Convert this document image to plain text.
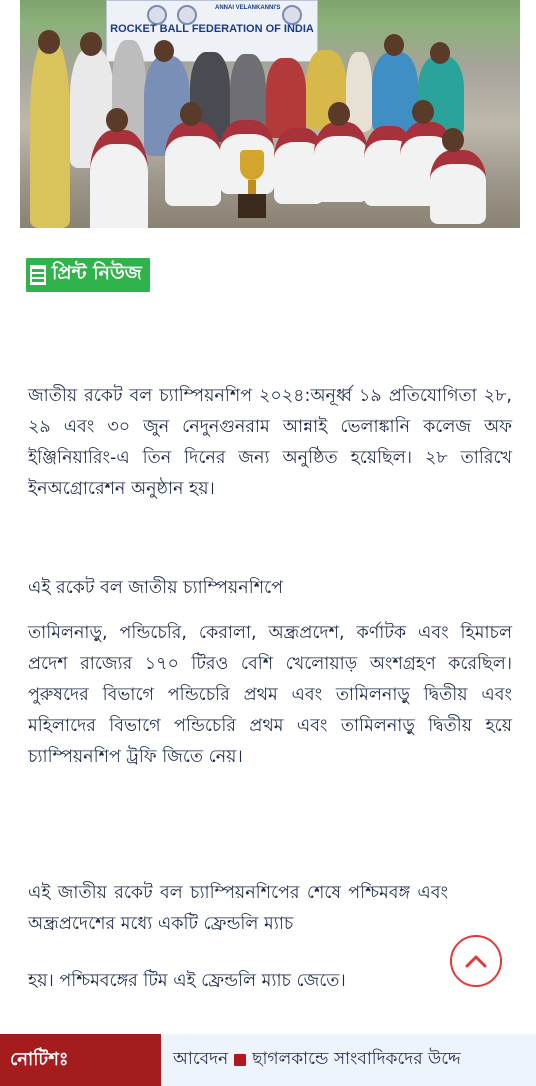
ANNAI VELANKANNI'S
ROCKET BALL FEDERATION OF INDIA
প্রিন্ট নিউজ
জাতীয় রকেট বল চ্যাম্পিয়নশিপ ২০২৪:অনূর্ধ্ব ১৯ প্রতিযোগিতা ২৮, ২৯ এবং ৩০ জুন নেদুনগুনরাম আন্নাই ভেলাঙ্কানি কলেজ অফ ইঞ্জিনিয়ারিং-এ তিন দিনের জন্য অনুষ্ঠিত হয়েছিল। ২৮ তারিখে ইনঅগ্রোরেশন অনুষ্ঠান হয়।
এই রকেট বল জাতীয় চ্যাম্পিয়নশিপে
তামিলনাড়ু, পন্ডিচেরি, কেরালা, অন্ধ্রপ্রদেশ, কর্ণাটক এবং হিমাচল প্রদেশ রাজ্যের ১৭০ টিরও বেশি খেলোয়াড় অংশগ্রহণ করেছিল। পুরুষদের বিভাগে পন্ডিচেরি প্রথম এবং তামিলনাড়ু দ্বিতীয় এবং মহিলাদের বিভাগে পন্ডিচেরি প্রথম এবং তামিলনাড়ু দ্বিতীয় হয়ে চ্যাম্পিয়নশিপ ট্রফি জিতে নেয়।
এই জাতীয় রকেট বল চ্যাম্পিয়নশিপের শেষে পশ্চিমবঙ্গ এবং অন্ধ্রপ্রদেশের মধ্যে একটি ফ্রেন্ডলি ম্যাচ
হয়। পশ্চিমবঙ্গের টিম এই ফ্রেন্ডলি ম্যাচ জেতে।
নোটিশঃ	আবেদন ছাগলকান্ডে সাংবাদিকদের উদ্দে
